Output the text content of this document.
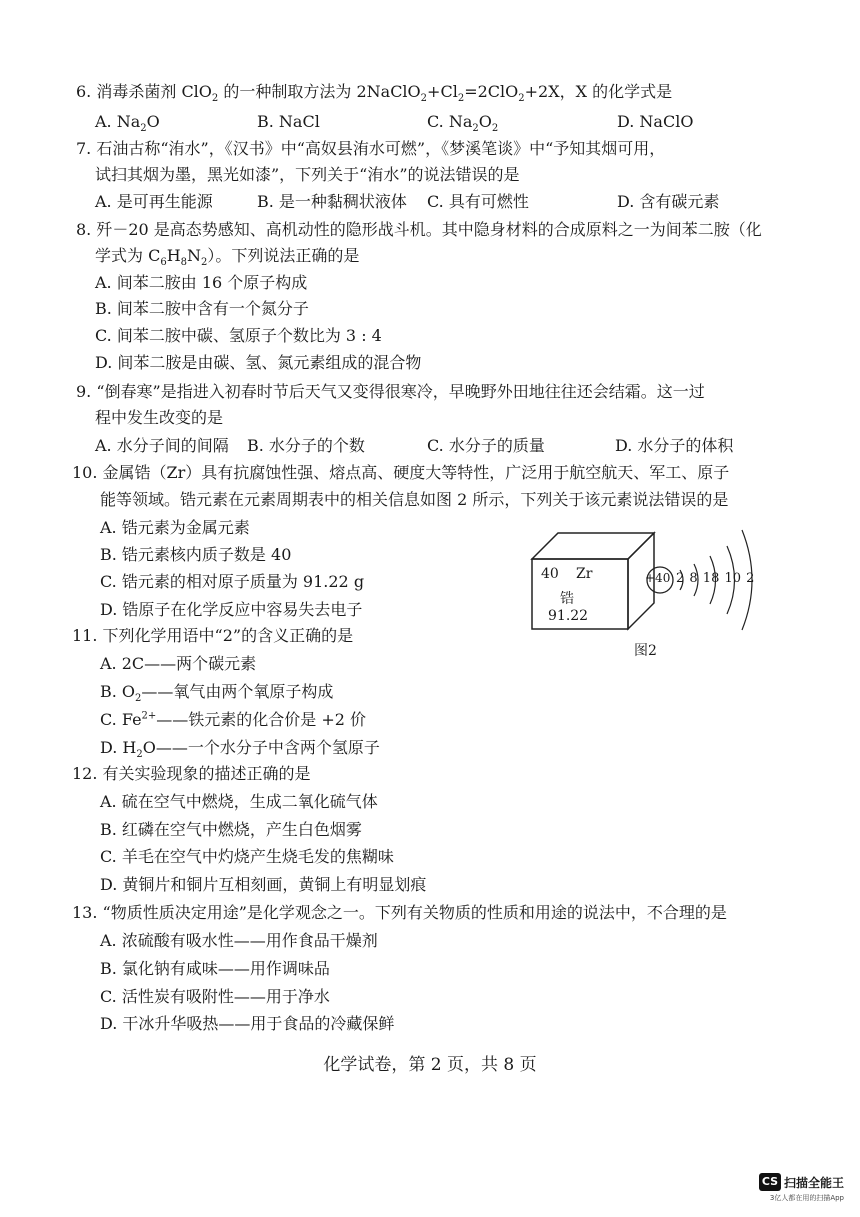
6. 消毒杀菌剂 ClO$_2$ 的一种制取方法为 $2NaClO_2+Cl_2=2ClO_2+2X$，X 的化学式是
A. $Na_2O$	B. NaCl	C. $Na_2O_2$	D. NaClO
7. 石油古称“洧水”，《汉书》中“高奴县洧水可燃”，《梦溪笔谈》中“予知其烟可用，
试扫其烟为墨，黑光如漆”，下列关于“洧水”的说法错误的是
A. 是可再生能源	B. 是一种黏稠状液体 C. 具有可燃性	D. 含有碳元素
8. 歼－20 是高态势感知、高机动性的隐形战斗机。其中隐身材料的合成原料之一为间苯二胺（化
学式为 $C_6H_8N_2$）。下列说法正确的是
A. 间苯二胺由 16 个原子构成
B. 间苯二胺中含有一个氮分子
C. 间苯二胺中碳、氢原子个数比为 3 : 4
D. 间苯二胺是由碳、氢、氮元素组成的混合物
9. “倒春寒”是指进入初春时节后天气又变得很寒冷，早晚野外田地往往还会结霜。这一过
程中发生改变的是
A. 水分子间的间隔 B. 水分子的个数	C. 水分子的质量	D. 水分子的体积
10. 金属锆（Zr）具有抗腐蚀性强、熔点高、硬度大等特性，广泛用于航空航天、军工、原子
能等领域。锆元素在元素周期表中的相关信息如图 2 所示，下列关于该元素说法错误的是
A. 锆元素为金属元素
B. 锆元素核内质子数是 40
C. 锆元素的相对原子质量为 91.22 g
D. 锆原子在化学反应中容易失去电子
40 Zr
锆
91.22
+40 2 8 18 10 2
图2
11. 下列化学用语中“2”的含义正确的是
A. 2C——两个碳元素
B. $O_2——$氧气由两个氧原子构成
C. $Fe^{2+}——$铁元素的化合价是 +2 价
D. $H_2O——$一个水分子中含两个氢原子
12. 有关实验现象的描述正确的是
A. 硫在空气中燃烧，生成二氧化硫气体
B. 红磷在空气中燃烧，产生白色烟雾
C. 羊毛在空气中灼烧产生烧毛发的焦糊味
D. 黄铜片和铜片互相刻画，黄铜上有明显划痕
13. “物质性质决定用途”是化学观念之一。下列有关物质的性质和用途的说法中，不合理的是
A. 浓硫酸有吸水性——用作食品干燥剂
B. 氯化钠有咸味——用作调味品
C. 活性炭有吸附性——用于净水
D. 干冰升华吸热——用于食品的冷藏保鲜
化学试卷，第 2 页，共 8 页
CS 扫描全能王
3亿人都在用的扫描App
